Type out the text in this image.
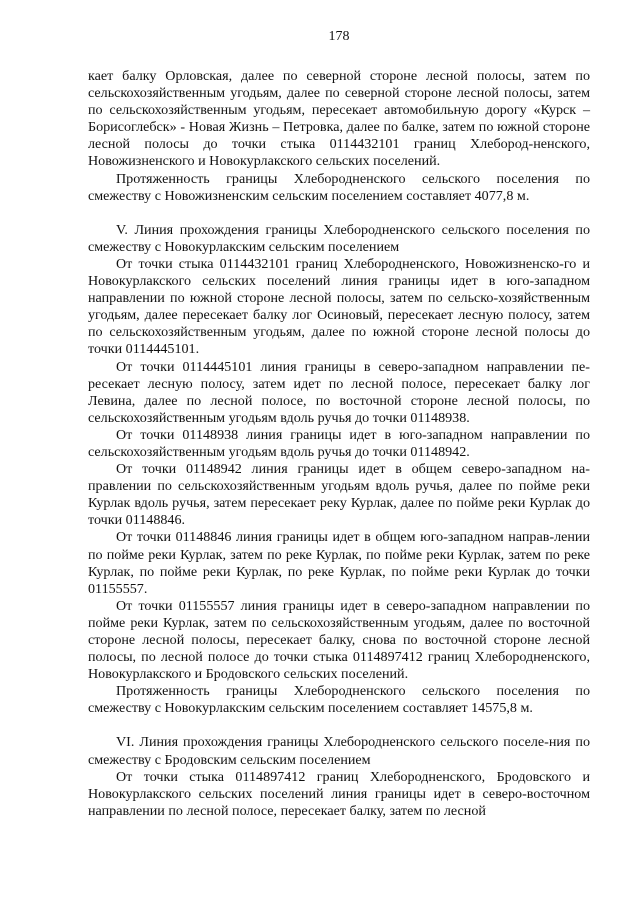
178

кает балку Орловская, далее по северной стороне лесной полосы, затем по сельскохозяйственным угодьям, далее по северной стороне лесной полосы, затем по сельскохозяйственным угодьям, пересекает автомобильную дорогу «Курск – Борисоглебск» - Новая Жизнь – Петровка, далее по балке, затем по южной стороне лесной полосы до точки стыка 0114432101 границ Хлебород-ненского, Новожизненского и Новокурлакского сельских поселений.

Протяженность границы Хлебородненского сельского поселения по смежеству с Новожизненским сельским поселением составляет 4077,8 м.

V. Линия прохождения границы Хлебородненского сельского поселения по смежеству с Новокурлакским сельским поселением

От точки стыка 0114432101 границ Хлебородненского, Новожизненско-го и Новокурлакского сельских поселений линия границы идет в юго-западном направлении по южной стороне лесной полосы, затем по сельско-хозяйственным угодьям, далее пересекает балку лог Осиновый, пересекает лесную полосу, затем по сельскохозяйственным угодьям, далее по южной стороне лесной полосы до точки 0114445101.

От точки 0114445101 линия границы в северо-западном направлении пе-ресекает лесную полосу, затем идет по лесной полосе, пересекает балку лог Левина, далее по лесной полосе, по восточной стороне лесной полосы, по сельскохозяйственным угодьям вдоль ручья до точки 01148938.

От точки 01148938 линия границы идет в юго-западном направлении по сельскохозяйственным угодьям вдоль ручья до точки 01148942.

От точки 01148942 линия границы идет в общем северо-западном на-правлении по сельскохозяйственным угодьям вдоль ручья, далее по пойме реки Курлак вдоль ручья, затем пересекает реку Курлак, далее по пойме реки Курлак до точки 01148846.

От точки 01148846 линия границы идет в общем юго-западном направ-лении по пойме реки Курлак, затем по реке Курлак, по пойме реки Курлак, затем по реке Курлак, по пойме реки Курлак, по реке Курлак, по пойме реки Курлак до точки 01155557.

От точки 01155557 линия границы идет в северо-западном направлении по пойме реки Курлак, затем по сельскохозяйственным угодьям, далее по восточной стороне лесной полосы, пересекает балку, снова по восточной стороне лесной полосы, по лесной полосе до точки стыка 0114897412 границ Хлебородненского, Новокурлакского и Бродовского сельских поселений.

Протяженность границы Хлебородненского сельского поселения по смежеству с Новокурлакским сельским поселением составляет 14575,8 м.

VI. Линия прохождения границы Хлебородненского сельского поселе-ния по смежеству с Бродовским сельским поселением

От точки стыка 0114897412 границ Хлебородненского, Бродовского и Новокурлакского сельских поселений линия границы идет в северо-восточном направлении по лесной полосе, пересекает балку, затем по лесной
